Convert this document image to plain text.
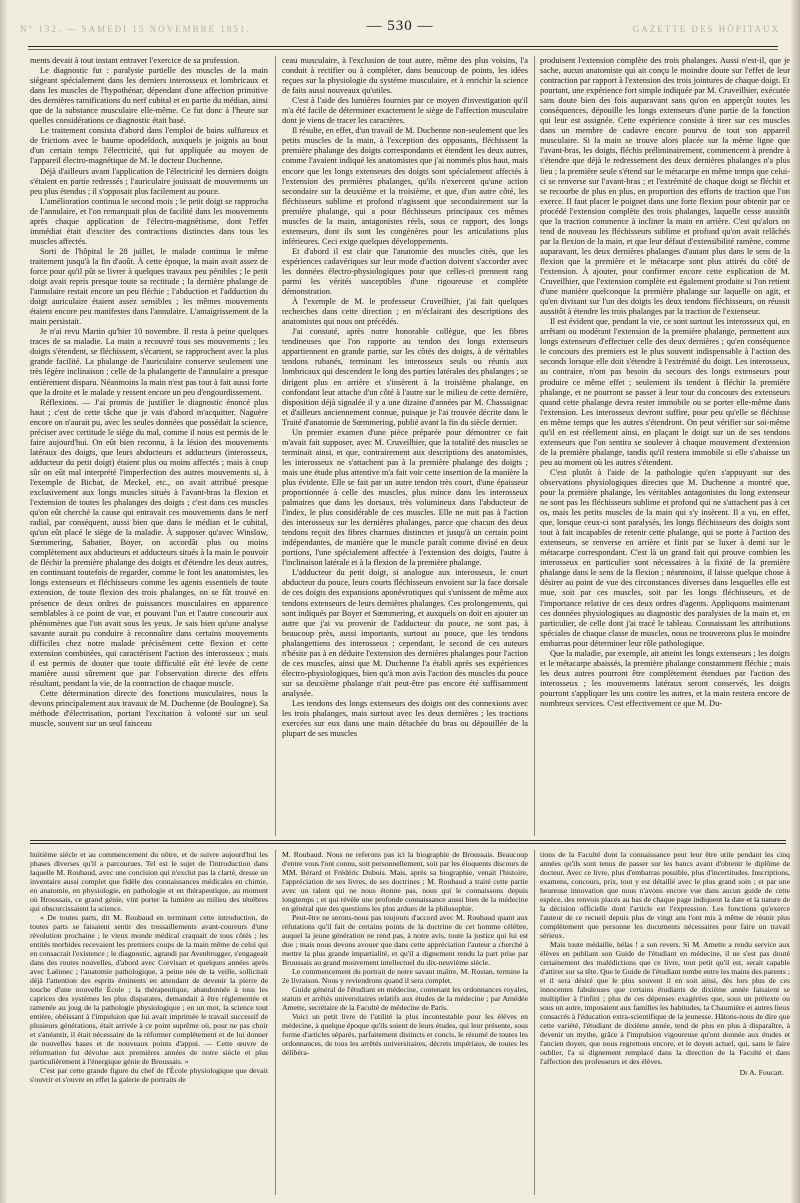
N° 132. — SAMEDI 15 NOVEMBRE 1851.	— 530 —	GAZETTE DES HÔPITAUX

ments devait à tout instant entraver l'exercice de sa profession.

Le diagnostic fut : paralysie partielle des muscles de la main siégeant spécialement dans les derniers interosseux et lombricaux et dans les muscles de l'hypothénar, dépendant d'une affection primitive des dernières ramifications du nerf cubital et en partie du médian, ainsi que de la substance musculaire elle-même. Ce fut donc à l'heure sur quelles considérations ce diagnostic était basé.

Le traitement consista d'abord dans l'emploi de bains sulfureux et de frictions avec le baume opodeldoch, auxquels je joignis au bout d'un certain temps l'électricité, qui fut appliquée au moyen de l'appareil électro-magnétique de M. le docteur Duchenne.

Déjà d'ailleurs avant l'application de l'électricité les derniers doigts s'étaient en partie redressés ; l'auriculaire jouissait de mouvements un peu plus étendus ; il s'opposait plus facilement au pouce.

L'amélioration continua le second mois ; le petit doigt se rapprocha de l'annulaire, et l'on remarquait plus de facilité dans les mouvements après chaque application de l'électro-magnétisme, dont l'effet immédiat était d'exciter des contractions distinctes dans tous les muscles affectés.

Sorti de l'hôpital le 28 juillet, le malade continua le même traitement jusqu'à la fin d'août. À cette époque, la main avait assez de force pour qu'il pût se livrer à quelques travaux peu pénibles ; le petit doigt avait repris presque toute sa rectitude ; la dernière phalange de l'annulaire restait encore un peu fléchie ; l'abduction et l'adduction du doigt auriculaire étaient assez sensibles ; les mêmes mouvements étaient encore peu manifestes dans l'annulaire. L'amaigrissement de la main persistait.

Je n'ai revu Martin qu'hier 10 novembre. Il resta à peine quelques traces de sa maladie. La main a recouvré tous ses mouvements ; les doigts s'étendent, se fléchissent, s'écartent, se rapprochent avec la plus grande facilité. La phalange de l'auriculaire conserve seulement une très légère inclinaison ; celle de la phalangette de l'annulaire a presque entièrement disparu. Néanmoins la main n'est pas tout à fait aussi forte que la droite et le malade y ressent encore un peu d'engourdissement.

Réflexions. — J'ai promis de justifier le diagnostic énoncé plus haut ; c'est de cette tâche que je vais d'abord m'acquitter. Naguère encore on n'aurait pu, avec les seules données que possédait la science, préciser avec certitude le siège du mal, comme il nous est permis de le faire aujourd'hui. On eût bien reconnu, à la lésion des mouvements latéraux des doigts, que leurs abducteurs et adducteurs (interosseux, adducteur du petit doigt) étaient plus ou moins affectés ; mais à coup sûr on eût mal interprété l'imperfection des autres mouvements si, à l'exemple de Bichat, de Meckel, etc., on avait attribué presque exclusivement aux longs muscles situés à l'avant-bras la flexion et l'extension de toutes les phalanges des doigts ; c'est dans ces muscles qu'on eût cherché la cause qui entravait ces mouvements dans le nerf radial, par conséquent, aussi bien que dans le médian et le cubital, qu'un eût placé le siège de la maladie. À supposer qu'avec Winslow, Sœmmering, Sabatier, Boyer, on accordât plus ou moins complètement aux abducteurs et adducteurs situés à la main le pouvoir de fléchir la première phalange des doigts et d'étendre les deux autres, en continuant toutefois de regarder, comme le font les anatomistes, les longs extenseurs et fléchisseurs comme les agents essentiels de toute extension, de toute flexion des trois phalanges, on se fût trouvé en présence de deux ordres de puissances musculaires en apparence semblables à ce point de vue, et pouvant l'un et l'autre concourir aux phénomènes que l'on avait sous les yeux. Je sais bien qu'une analyse savante aurait pu conduire à reconnaître dans certains mouvements difficiles chez notre malade précisément cette flexion et cette extension combinées, qui caractérisent l'action des interosseux ; mais il est permis de douter que toute difficulté eût été levée de cette manière aussi sûrement que par l'observation directe des effets résultant, pendant la vie, de la contraction de chaque muscle.

Cette détermination directe des fonctions musculaires, nous la devons principalement aux travaux de M. Duchenne (de Boulogne). Sa méthode d'électrisation, portant l'excitation à volonté sur un seul muscle, souvent sur un seul faisceau

ceau musculaire, à l'exclusion de tout autre, même des plus voisins, l'a conduit à rectifier ou à compléter, dans beaucoup de points, les idées reçues sur la physiologie du système musculaire, et à enrichir la science de faits aussi nouveaux qu'utiles.

C'est à l'aide des lumières fournies par ce moyen d'investigation qu'il m'a été facile de déterminer exactement le siège de l'affection musculaire dont je viens de tracer les caractères.

Il résulte, en effet, d'un travail de M. Duchenne non-seulement que les petits muscles de la main, à l'exception des opposants, fléchissent la première phalange des doigts correspondants et étendent les deux autres, comme l'avaient indiqué les anatomistes que j'ai nommés plus haut, mais encore que les longs extenseurs des doigts sont spécialement affectés à l'extension des premières phalanges, qu'ils n'exercent qu'une action secondaire sur la deuxième et la troisième, et que, d'un autre côté, les fléchisseurs sublime et profond n'agissent que secondairement sur la première phalange, qui a pour fléchisseurs principaux ces mêmes muscles de la main, antagonistes réels, sous ce rapport, des longs extenseurs, dont ils sont les congénères pour les articulations plus inférieures. Ceci exige quelques développements.

Et d'abord il est clair que l'anatomie des muscles cités, que les expériences cadavériques sur leur mode d'action doivent s'accorder avec les données électro-physiologiques pour que celles-ci prennent rang parmi les vérités susceptibles d'une rigoureuse et complète démonstration.

À l'exemple de M. le professeur Cruveilhier, j'ai fait quelques recherches dans cette direction ; en m'éclairant des descriptions des anatomistes qui nous ont précédés.

J'ai constaté, après notre honorable collègue, que les fibres tendineuses que l'on rapporte au tendon des longs extenseurs appartiennent en grande partie, sur les côtés des doigts, à de véritables tendons rubanés, terminant les interosseux seuls ou réunis aux lombricaux qui descendent le long des parties latérales des phalanges ; se dirigent plus en arrière et s'insèrent à la troisième phalange, en confondant leur attache d'un côté à l'autre sur le milieu de cette dernière, disposition déjà signalée il y a une dizaine d'années par M. Chassaignac et d'ailleurs anciennement connue, puisque je l'ai trouvée décrite dans le Traité d'anatomie de Sœmmering, publié avant la fin du siècle dernier.

Un premier examen d'une pièce préparée pour démontrer ce fait m'avait fait supposer, avec M. Cruveilhier, que la totalité des muscles se terminait ainsi, et que, contrairement aux descriptions des anatomistes, les interosseux ne s'attachent pas à la première phalange des doigts ; mais une étude plus attentive m'a fait voir cette insertion de la manière la plus évidente. Elle se fait par un autre tendon très court, d'une épaisseur proportionnée à celle des muscles, plus mince dans les interosseux palmaires que dans les dorsaux, très volumineux dans l'abducteur de l'index, le plus considérable de ces muscles. Elle ne nuit pas à l'action des interosseux sur les dernières phalanges, parce que chacun des deux tendons reçoit des fibres charnues distinctes et jusqu'à un certain point indépendantes, de manière que le muscle paraît comme divisé en deux portions, l'une spécialement affectée à l'extension des doigts, l'autre à l'inclinaison latérale et à la flexion de la première phalange.

L'adducteur du petit doigt, si analogue aux interosseux, le court abducteur du pouce, leurs courts fléchisseurs envoient sur la face dorsale de ces doigts des expansions aponévrotiques qui s'unissent de même aux tendons extenseurs de leurs dernières phalanges. Ces prolongements, qui sont indiqués par Boyer et Sœmmering, et auxquels on doit en ajouter un autre que j'ai vu provenir de l'adducteur du pouce, ne sont pas, à beaucoup près, aussi importants, surtout au pouce, que les tendons phalangettiens des interosseux ; cependant, le second de ces auteurs n'hésite pas à en déduire l'extension des dernières phalanges pour l'action de ces muscles, ainsi que M. Duchenne l'a établi après ses expériences électro-physiologiques, bien qu'à mon avis l'action des muscles du pouce sur sa deuxième phalange n'ait peut-être pas encore été suffisamment analysée.

Les tendons des longs extenseurs des doigts ont des connexions avec les trois phalanges, mais surtout avec les deux dernières ; les tractions exercées sur eux dans une main détachée du bras ou dépouillée de la plupart de ses muscles

produisent l'extension complète des trois phalanges. Aussi n'est-il, que je sache, aucun anatomiste qui ait conçu le moindre doute sur l'effet de leur contraction par rapport à l'extension des trois jointures de chaque doigt. Et pourtant, une expérience fort simple indiquée par M. Cruveilhier, exécutée sans doute bien des fois auparavant sans qu'on en apperçût toutes les conséquences, dépouille les longs extenseurs d'une partie de la fonction qui leur est assignée. Cette expérience consiste à tirer sur ces muscles dans un membre de cadavre encore pourvu de tout son appareil musculaire. Si la main se trouve alors placée sur la même ligne que l'avant-bras, les doigts, fléchis préliminairement, commencent à prendre à s'étendre que déjà le redressement des deux dernières phalanges n'a plus lieu ; la première seule s'étend sur le métacarpe en même temps que celui-ci se renverse sur l'avant-bras ; et l'extrémité de chaque doigt se fléchit et se recourbe de plus en plus, en proportion des efforts de traction que l'on exerce. Il faut placer le poignet dans une forte flexion pour obtenir par ce procédé l'extension complète des trois phalanges, laquelle cesse aussitôt que la traction commence à incliner la main en arrière. C'est qu'alors on tend de nouveau les fléchisseurs sublime et profond qu'on avait relâchés par la flexion de la main, et que leur défaut d'extensibilité ramène, comme auparavant, les deux dernières phalanges d'autant plus dans le sens de la flexion que la première et le métacarpe sont plus attirés du côté de l'extension. À ajouter, pour confirmer encore cette explication de M. Cruveilhier, que l'extension complète est également produite si l'on retient d'une manière quelconque la première phalange sur laquelle on agit, et qu'en divisant sur l'un des doigts les deux tendons fléchisseurs, on réussit aussitôt à étendre les trois phalanges par la traction de l'extenseur.

Il est évident que, pendant la vie, ce sont surtout les interosseux qui, en arrêtant ou modérant l'extension de la première phalange, permettent aux longs extenseurs d'effectuer celle des deux dernières ; qu'en conséquence le concours des premiers est le plus souvent indispensable à l'action des seconds lorsque elle doit s'étendre à l'extrémité du doigt. Les interosseux, au contraire, n'ont pas besoin du secours des longs extenseurs pour produire ce même effet ; seulement ils tendent à fléchir la première phalange, et ne pourront se passer à leur tour du concours des extenseurs quand cette phalange devra rester immobile ou se porter elle-même dans l'extension. Les interosseux devront suffire, pour peu qu'elle se fléchisse en même temps que les autres s'étendront. On peut vérifier sur soi-même qu'il en est réellement ainsi, en plaçant le doigt sur un de ses tendons extenseurs que l'on sentira se soulever à chaque mouvement d'extension de la première phalange, tandis qu'il restera immobile si elle s'abaisse un peu au moment où les autres s'étendent.

C'est plutôt à l'aide de la pathologie qu'en s'appuyant sur des observations physiologiques directes que M. Duchenne a montré que, pour la première phalange, les véritables antagonistes du long extenseur ne sont pas les fléchisseurs sublime et profond qui ne s'attachent pas à cet os, mais les petits muscles de la main qui s'y insèrent. Il a vu, en effet, que, lorsque ceux-ci sont paralysés, les longs fléchisseurs des doigts sont tout à fait incapables de retenir cette phalange, qui se porte à l'action des extenseurs, se renverse en arrière et finit par se luxer à demi sur le métacarpe correspondant. C'est là un grand fait qui prouve combien les interosseux en particulier sont nécessaires à la fixité de la première phalange dans le sens de la flexion ; néanmoins, il laisse quelque chose à désirer au point de vue des circonstances diverses dans lesquelles elle est mue, soit par ces muscles, soit par les longs fléchisseurs, et de l'importance relative de ces deux ordres d'agents. Appliquons maintenant ces données physiologiques au diagnostic des paralysies de la main et, en particulier, de celle dont j'ai tracé le tableau. Connaissant les attributions spéciales de chaque classe de muscles, nous ne trouverons plus le moindre embarras pour déterminer leur rôle pathologique.

Que la maladie, par exemple, ait atteint les longs extenseurs ; les doigts et le métacarpe abaissés, la première phalange constamment fléchie ; mais les deux autres pourront être complètement étendues par l'action des interosseux ; les mouvements latéraux seront conservés, les doigts pourront s'appliquer les uns contre les autres, et la main restera encore de nombreux services. C'est effectivement ce que M. Du-

huitième siècle et au commencement du nôtre, et de suivre aujourd'hui les phases diverses qu'il a parcourues. Tel est le sujet de l'introduction dans laquelle M. Roubaud, avec une concision qui n'exclut pas la clarté, dresse un inventaire aussi complet que fidèle des connaissances médicales en chimie, en anatomie, en physiologie, en pathologie et en thérapeutique, au moment où Broussais, ce grand génie, vint porter la lumière au milieu des ténèbres qui obscurcissaient la science.

« De toutes parts, dit M. Roubaud en terminant cette introduction, de toutes parts se faisaient sentir des tressaillements avant-coureurs d'une révolution prochaine ; le vieux monde médical craquait de tous côtés ; les entités morbides recevaient les premiers coups de la main même de celui qui en consacrait l'existence ; le diagnostic, agrandi par Avenbrugger, s'engageait dans des routes nouvelles, d'abord avec Corvisart et quelques années après avec Laënnec ; l'anatomie pathologique, à peine née de la veille, sollicitait déjà l'attention des esprits éminents en attendant de devenir la pierre de touche d'une nouvelle École ; la thérapeutique, abandonnée à tous les caprices des systèmes les plus disparates, demandait à être réglementée et ramenée au joug de la pathologie physiologique ; en un mot, la science tout entière, obéissant à l'impulsion que lui avait imprimée le travail successif de plusieurs générations, était arrivée à ce point suprême où, pour ne pas choir et s'anéantir, il était nécessaire de la réformer complètement et de lui donner de nouvelles bases et de nouveaux points d'appui. — Cette œuvre de réformation fut dévolue aux premières années de notre siècle et plus particulièrement à l'énergique génie de Broussais. »

C'est par cette grande figure du chef de l'École physiologique que devait s'ouvrir et s'ouvre en effet la galerie de portraits de

M. Roubaud. Nous ne referons pas ici la biographie de Broussais. Beaucoup d'entre vous l'ont connu, soit personnellement, soit par les éloquents discours de MM. Bérard et Frédéric Dubois. Mais, après sa biographie, venait l'histoire, l'appréciation de ses livres, de ses doctrines ; M. Roubaud a traité cette partie avec un talent qui ne nous étonne pas, nous qui le connaissons depuis longtemps ; et qui révèle une profonde connaissance aussi bien de la médecine en général que des questions les plus ardues de la philosophie.

Peut-être ne serons-nous pas toujours d'accord avec M. Roubaud quant aux réfutations qu'il fait de certains points de la doctrine de cet homme célèbre, auquel la jeune génération ne rend pas, à notre avis, toute la justice qui lui est due ; mais nous devons avouer que dans cette appréciation l'auteur a cherché à mettre la plus grande impartialité, et qu'il a dignement rendu la part prise par Broussais au grand mouvement intellectuel du dix-neuvième siècle.

Le commencement du portrait de notre savant maître, M. Rostan, termine la 2e livraison. Nous y reviendrons quand il sera complet.

Guide général de l'étudiant en médecine, contenant les ordonnances royales, statuts et arrêtés universitaires relatifs aux études de la médecine ; par Amédée Amette, secrétaire de la Faculté de médecine de Paris.

Voici un petit livre de l'utilité la plus incontestable pour les élèves en médecine, à quelque époque qu'ils soient de leurs études, qui leur présente, sous forme d'articles séparés, parfaitement distincts et concis, le résumé de toutes les ordonnances, de tous les arrêtés universitaires, décrets impériaux, de toutes les délibéra-

tions de la Faculté dont la connaissance peut leur être utile pendant les cinq années qu'ils sont tenus de passer sur les bancs avant d'obtenir le diplôme de docteur. Avec ce livre, plus d'embarras possible, plus d'incertitudes. Inscriptions, examens, concours, prix, tout y est détaillé avec le plus grand soin ; et par une heureuse innovation que nous n'avons encore vue dans aucun guide de cette espèce, des renvois placés au bas de chaque page indiquent la date et la nature de la décision officielle dont l'article est l'expression. Les fonctions qu'exerce l'auteur de ce recueil depuis plus de vingt ans l'ont mis à même de réunir plus complètement que personne les documents nécessaires pour faire un travail sérieux.

Mais toute médaille, hélas ! a son revers. Si M. Amette a rendu service aux élèves en publiant son Guide de l'étudiant en médecine, il ne s'est pas douté certainement des malédictions que ce livre, tout petit qu'il est, serait capable d'attirer sur sa tête. Que le Guide de l'étudiant tombe entre les mains des parents ; et il sera désiré que le plus souvent il en soit ainsi, dès lors plus de ces innocentes fabuleuses que certains étudiants de dixième année faisaient se multiplier à l'infini ; plus de ces dépenses exagérées que, sous un prétexte ou sous un autre, imposaient aux familles les habitudes, la Chaumière et autres lieux consacrés à l'éducation extra-scientifique de la jeunesse. Hâtons-nous de dire que cette variété, l'étudiant de dixième année, tend de plus en plus à disparaître, à devenir un mythe, grâce à l'impulsion vigoureuse qu'ont donnée aux études et l'ancien doyen, que nous regrettons encore, et le doyen actuel, qui, sans le faire oublier, l'a si dignement remplacé dans la direction de la Faculté et dans l'affection des professeurs et des élèves.

Dr A. Foucart.
